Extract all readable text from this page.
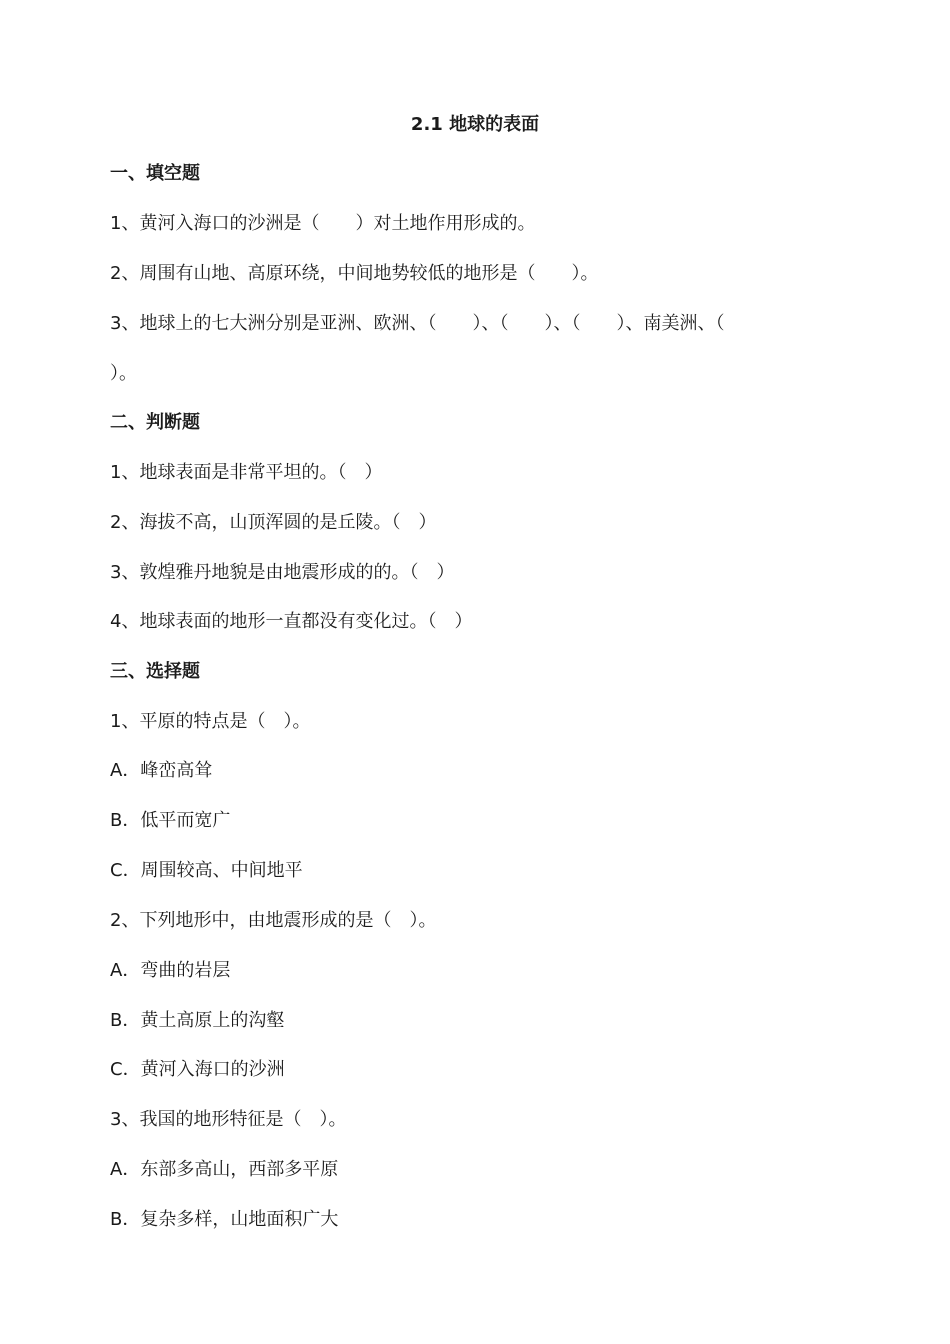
2.1 地球的表面

一、填空题

1、黄河入海口的沙洲是（　　）对土地作用形成的。

2、周围有山地、高原环绕，中间地势较低的地形是（　　）。

3、地球上的七大洲分别是亚洲、欧洲、（　　）、（　　）、（　　）、南美洲、（

）。

二、判断题

1、地球表面是非常平坦的。（　）

2、海拔不高，山顶浑圆的是丘陵。（　）

3、敦煌雅丹地貌是由地震形成的的。（　）

4、地球表面的地形一直都没有变化过。（　）

三、选择题

1、平原的特点是（　）。

A．峰峦高耸

B．低平而宽广

C．周围较高、中间地平

2、下列地形中，由地震形成的是（　）。

A．弯曲的岩层

B．黄土高原上的沟壑

C．黄河入海口的沙洲

3、我国的地形特征是（　）。

A．东部多高山，西部多平原

B．复杂多样，山地面积广大
